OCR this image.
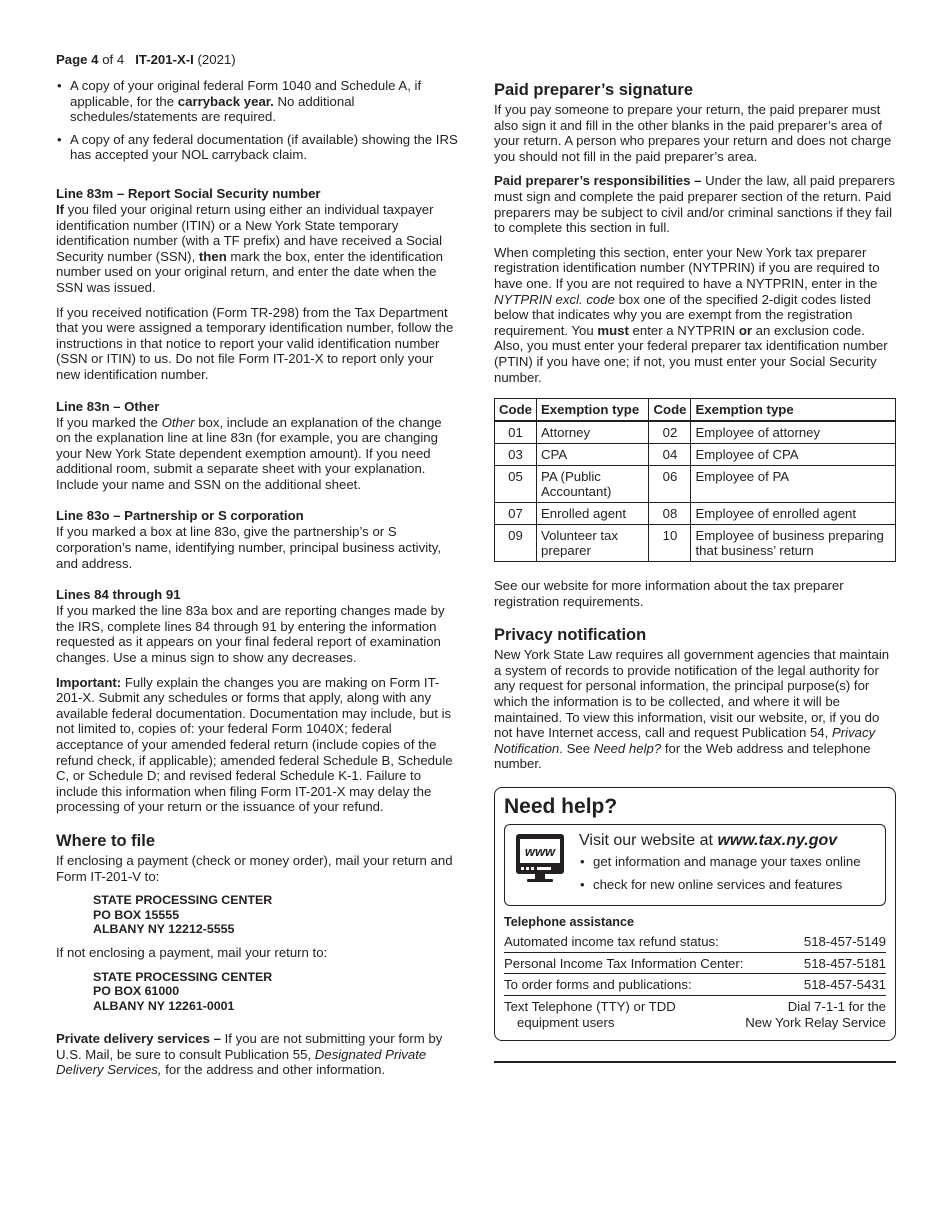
Page 4 of 4 IT-201-X-I (2021)
• A copy of your original federal Form 1040 and Schedule A, if applicable, for the carryback year. No additional schedules/statements are required.
• A copy of any federal documentation (if available) showing the IRS has accepted your NOL carryback claim.
Line 83m – Report Social Security number

If you filed your original return using either an individual taxpayer identification number (ITIN) or a New York State temporary identification number (with a TF prefix) and have received a Social Security number (SSN), then mark the box, enter the identification number used on your original return, and enter the date when the SSN was issued.

If you received notification (Form TR-298) from the Tax Department that you were assigned a temporary identification number, follow the instructions in that notice to report your valid identification number (SSN or ITIN) to us. Do not file Form IT-201-X to report only your new identification number.

Line 83n – Other

If you marked the Other box, include an explanation of the change on the explanation line at line 83n (for example, you are changing your New York State dependent exemption amount). If you need additional room, submit a separate sheet with your explanation. Include your name and SSN on the additional sheet.

Line 83o – Partnership or S corporation

If you marked a box at line 83o, give the partnership’s or S corporation’s name, identifying number, principal business activity, and address.

Lines 84 through 91

If you marked the line 83a box and are reporting changes made by the IRS, complete lines 84 through 91 by entering the information requested as it appears on your final federal report of examination changes. Use a minus sign to show any decreases.

Important: Fully explain the changes you are making on Form IT-201-X. Submit any schedules or forms that apply, along with any available federal documentation. Documentation may include, but is not limited to, copies of: your federal Form 1040X; federal acceptance of your amended federal return (include copies of the refund check, if applicable); amended federal Schedule B, Schedule C, or Schedule D; and revised federal Schedule K-1. Failure to include this information when filing Form IT-201-X may delay the processing of your return or the issuance of your refund.

Where to file

If enclosing a payment (check or money order), mail your return and Form IT-201-V to:

STATE PROCESSING CENTER
PO BOX 15555
ALBANY NY 12212-5555

If not enclosing a payment, mail your return to:

STATE PROCESSING CENTER
PO BOX 61000
ALBANY NY 12261-0001

Private delivery services – If you are not submitting your form by U.S. Mail, be sure to consult Publication 55, Designated Private Delivery Services, for the address and other information.

Paid preparer’s signature

If you pay someone to prepare your return, the paid preparer must also sign it and fill in the other blanks in the paid preparer’s area of your return. A person who prepares your return and does not charge you should not fill in the paid preparer’s area.

Paid preparer’s responsibilities – Under the law, all paid preparers must sign and complete the paid preparer section of the return. Paid preparers may be subject to civil and/or criminal sanctions if they fail to complete this section in full.

When completing this section, enter your New York tax preparer registration identification number (NYTPRIN) if you are required to have one. If you are not required to have a NYTPRIN, enter in the NYTPRIN excl. code box one of the specified 2-digit codes listed below that indicates why you are exempt from the registration requirement. You must enter a NYTPRIN or an exclusion code. Also, you must enter your federal preparer tax identification number (PTIN) if you have one; if not, you must enter your Social Security number.

Code	Exemption type	Code	Exemption type
01	Attorney	02	Employee of attorney
03	CPA	04	Employee of CPA
05	PA (Public Accountant)	06	Employee of PA
07	Enrolled agent	08	Employee of enrolled agent
09	Volunteer tax preparer	10	Employee of business preparing that business’ return

See our website for more information about the tax preparer registration requirements.

Privacy notification

New York State Law requires all government agencies that maintain a system of records to provide notification of the legal authority for any request for personal information, the principal purpose(s) for which the information is to be collected, and where it will be maintained. To view this information, visit our website, or, if you do not have Internet access, call and request Publication 54, Privacy Notification. See Need help? for the Web address and telephone number.

Need help?
www
Visit our website at www.tax.ny.gov
• get information and manage your taxes online
• check for new online services and features
Telephone assistance
Automated income tax refund status:	518-457-5149
Personal Income Tax Information Center:	518-457-5181
To order forms and publications:	518-457-5431
Text Telephone (TTY) or TDD
equipment users
Dial 7-1-1 for the
New York Relay Service
